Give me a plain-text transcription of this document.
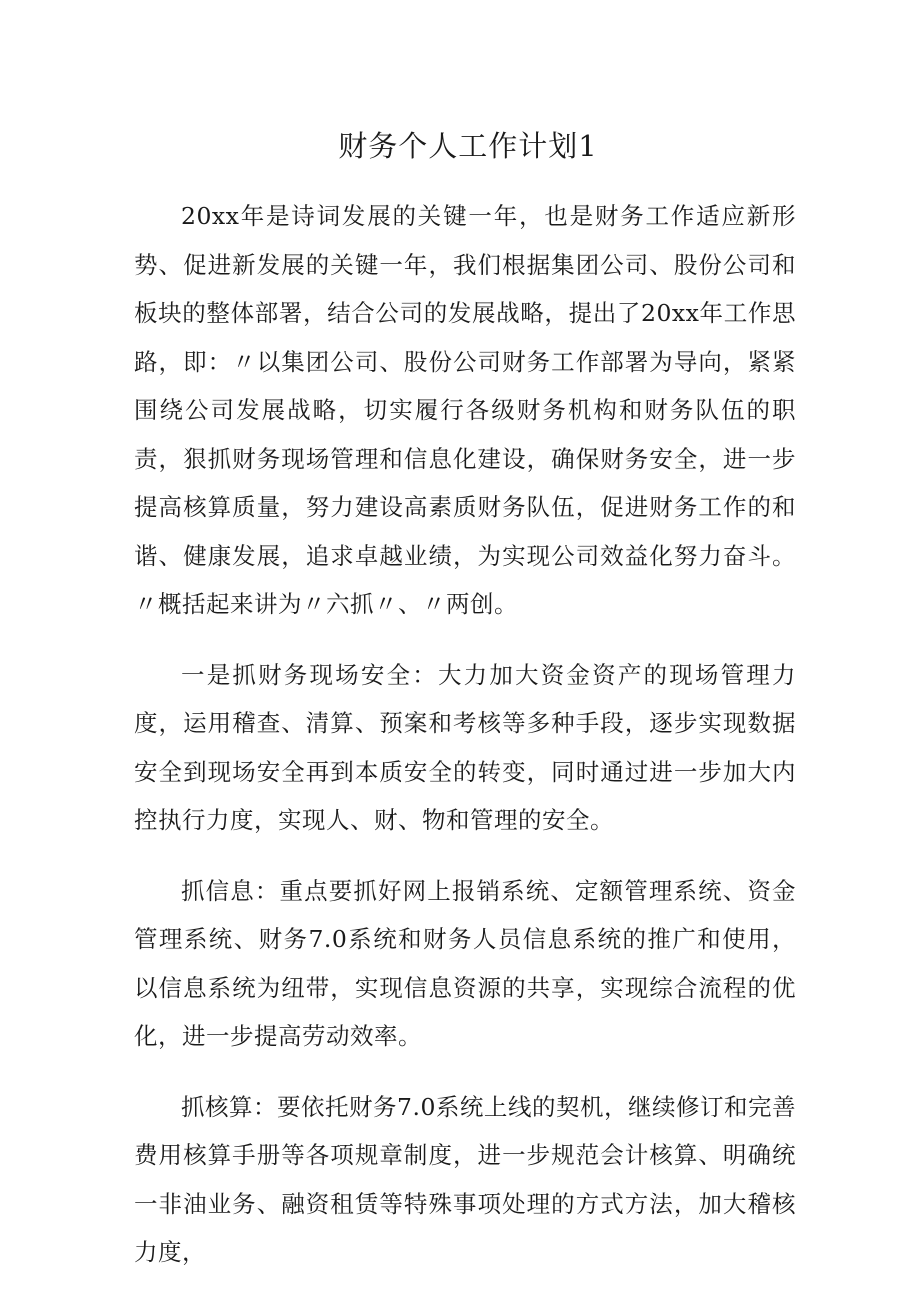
财务个人工作计划1

20xx年是诗词发展的关键一年，也是财务工作适应新形势、促进新发展的关键一年，我们根据集团公司、股份公司和板块的整体部署，结合公司的发展战略，提出了20xx年工作思路，即：〃以集团公司、股份公司财务工作部署为导向，紧紧围绕公司发展战略，切实履行各级财务机构和财务队伍的职责，狠抓财务现场管理和信息化建设，确保财务安全，进一步提高核算质量，努力建设高素质财务队伍，促进财务工作的和谐、健康发展，追求卓越业绩，为实现公司效益化努力奋斗。〃概括起来讲为〃六抓〃、〃两创。

一是抓财务现场安全：大力加大资金资产的现场管理力度，运用稽查、清算、预案和考核等多种手段，逐步实现数据安全到现场安全再到本质安全的转变，同时通过进一步加大内控执行力度，实现人、财、物和管理的安全。

抓信息：重点要抓好网上报销系统、定额管理系统、资金管理系统、财务7.0系统和财务人员信息系统的推广和使用，以信息系统为纽带，实现信息资源的共享，实现综合流程的优化，进一步提高劳动效率。

抓核算：要依托财务7.0系统上线的契机，继续修订和完善费用核算手册等各项规章制度，进一步规范会计核算、明确统一非油业务、融资租赁等特殊事项处理的方式方法，加大稽核力度，
